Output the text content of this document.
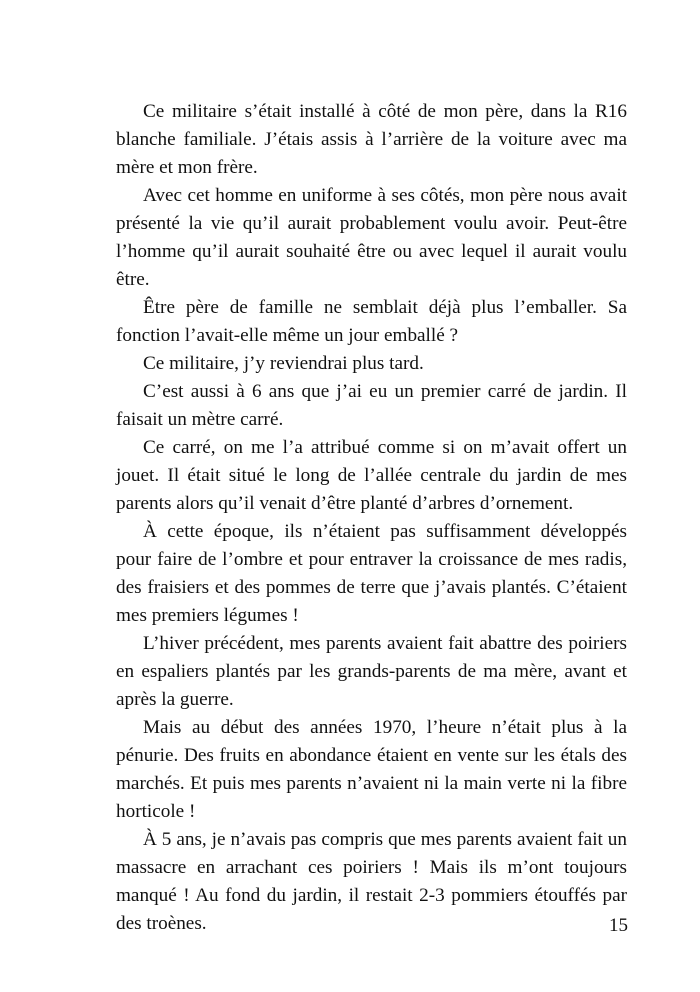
Ce militaire s’était installé à côté de mon père, dans la R16 blanche familiale. J’étais assis à l’arrière de la voiture avec ma mère et mon frère.

Avec cet homme en uniforme à ses côtés, mon père nous avait présenté la vie qu’il aurait probablement voulu avoir. Peut-être l’homme qu’il aurait souhaité être ou avec lequel il aurait voulu être.

Être père de famille ne semblait déjà plus l’emballer. Sa fonction l’avait-elle même un jour emballé ?

Ce militaire, j’y reviendrai plus tard.

C’est aussi à 6 ans que j’ai eu un premier carré de jardin. Il faisait un mètre carré.

Ce carré, on me l’a attribué comme si on m’avait offert un jouet. Il était situé le long de l’allée centrale du jardin de mes parents alors qu’il venait d’être planté d’arbres d’ornement.

À cette époque, ils n’étaient pas suffisamment développés pour faire de l’ombre et pour entraver la croissance de mes radis, des fraisiers et des pommes de terre que j’avais plantés. C’étaient mes premiers légumes !

L’hiver précédent, mes parents avaient fait abattre des poiriers en espaliers plantés par les grands-parents de ma mère, avant et après la guerre.

Mais au début des années 1970, l’heure n’était plus à la pénurie. Des fruits en abondance étaient en vente sur les étals des marchés. Et puis mes parents n’avaient ni la main verte ni la fibre horticole !

À 5 ans, je n’avais pas compris que mes parents avaient fait un massacre en arrachant ces poiriers ! Mais ils m’ont toujours manqué ! Au fond du jardin, il restait 2-3 pommiers étouffés par des troènes.	15
